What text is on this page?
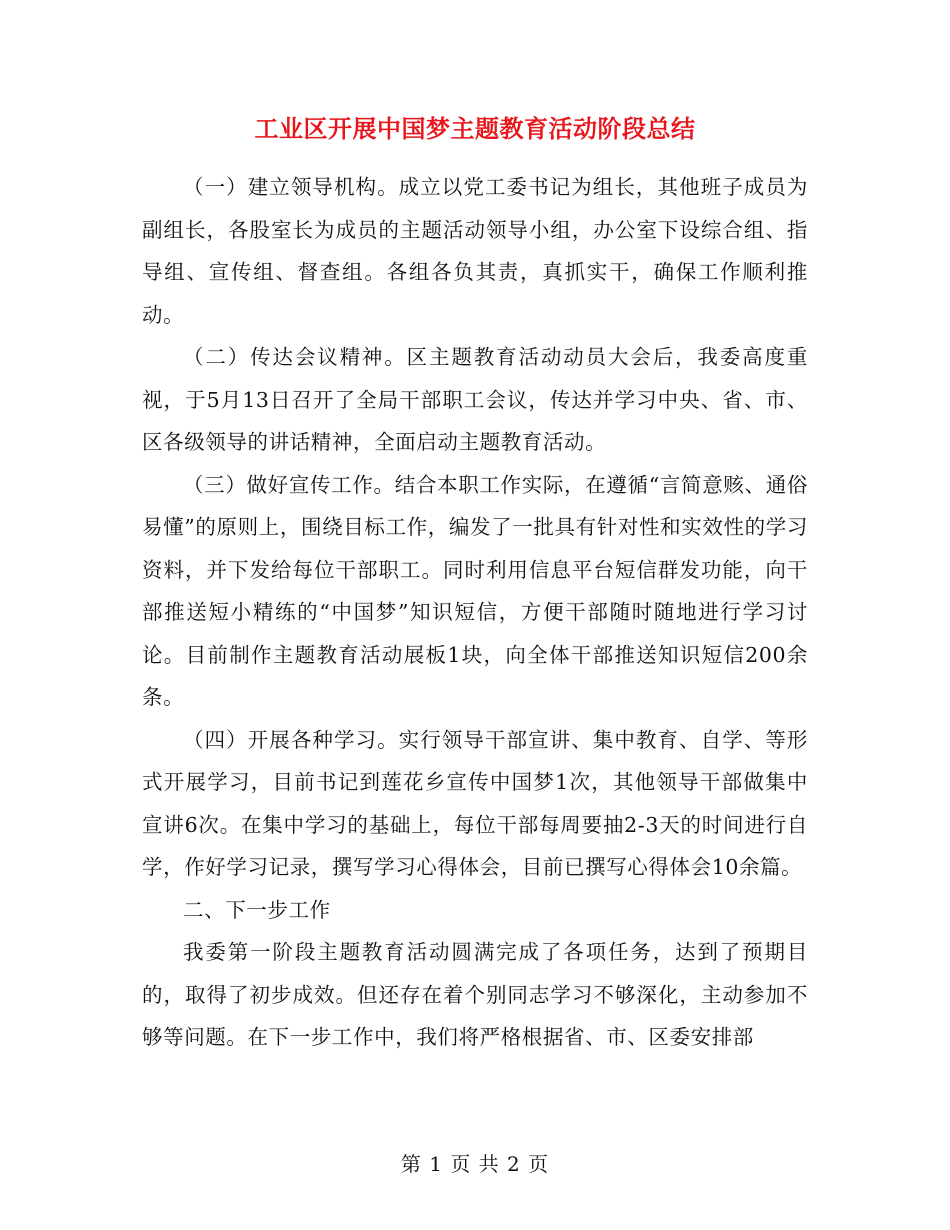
工业区开展中国梦主题教育活动阶段总结

（一）建立领导机构。成立以党工委书记为组长，其他班子成员为副组长，各股室长为成员的主题活动领导小组，办公室下设综合组、指导组、宣传组、督查组。各组各负其责，真抓实干，确保工作顺利推动。

（二）传达会议精神。区主题教育活动动员大会后，我委高度重视，于5月13日召开了全局干部职工会议，传达并学习中央、省、市、区各级领导的讲话精神，全面启动主题教育活动。

（三）做好宣传工作。结合本职工作实际，在遵循“言简意赅、通俗易懂”的原则上，围绕目标工作，编发了一批具有针对性和实效性的学习资料，并下发给每位干部职工。同时利用信息平台短信群发功能，向干部推送短小精练的“中国梦”知识短信，方便干部随时随地进行学习讨论。目前制作主题教育活动展板1块，向全体干部推送知识短信200余条。

（四）开展各种学习。实行领导干部宣讲、集中教育、自学、等形式开展学习，目前书记到莲花乡宣传中国梦1次，其他领导干部做集中宣讲6次。在集中学习的基础上，每位干部每周要抽2-3天的时间进行自学，作好学习记录，撰写学习心得体会，目前已撰写心得体会10余篇。

二、下一步工作

我委第一阶段主题教育活动圆满完成了各项任务，达到了预期目的，取得了初步成效。但还存在着个别同志学习不够深化，主动参加不够等问题。在下一步工作中，我们将严格根据省、市、区委安排部

第 1 页 共 2 页
